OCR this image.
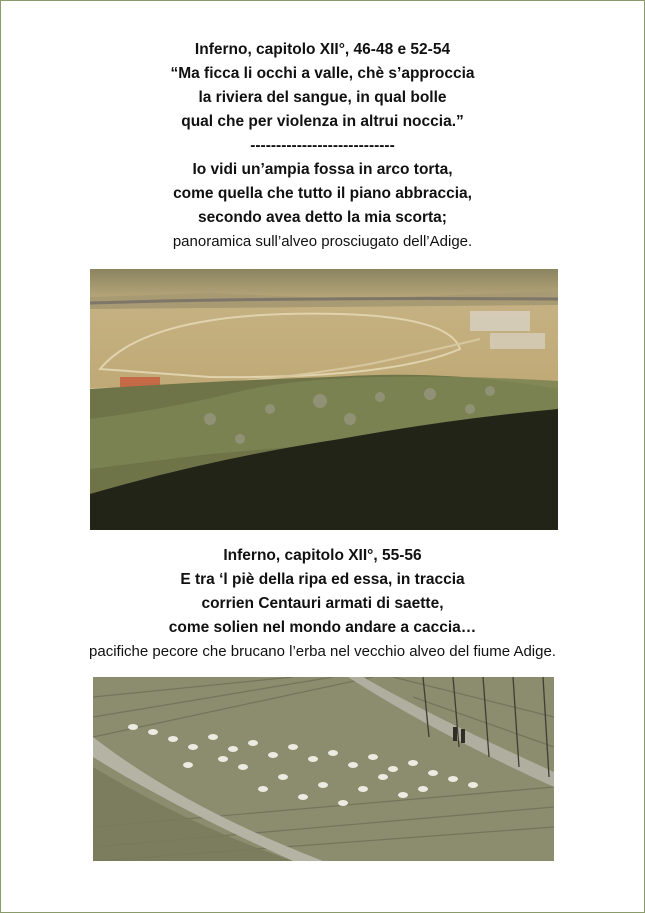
Inferno, capitolo XII°, 46-48 e 52-54
“Ma ficca li occhi a valle, chè s’approccia
la riviera del sangue, in qual bolle
qual che per violenza in altrui noccia.”
----------------------------
Io vidi un’ampia fossa in arco torta,
come quella che tutto il piano abbraccia,
secondo avea detto la mia scorta;
panoramica sull’alveo prosciugato dell’Adige.
Inferno, capitolo XII°, 55-56
E tra ‘l piè della ripa ed essa, in traccia
corrien Centauri armati di saette,
come solien nel mondo andare a caccia…
pacifiche pecore che brucano l’erba nel vecchio alveo del fiume Adige.
